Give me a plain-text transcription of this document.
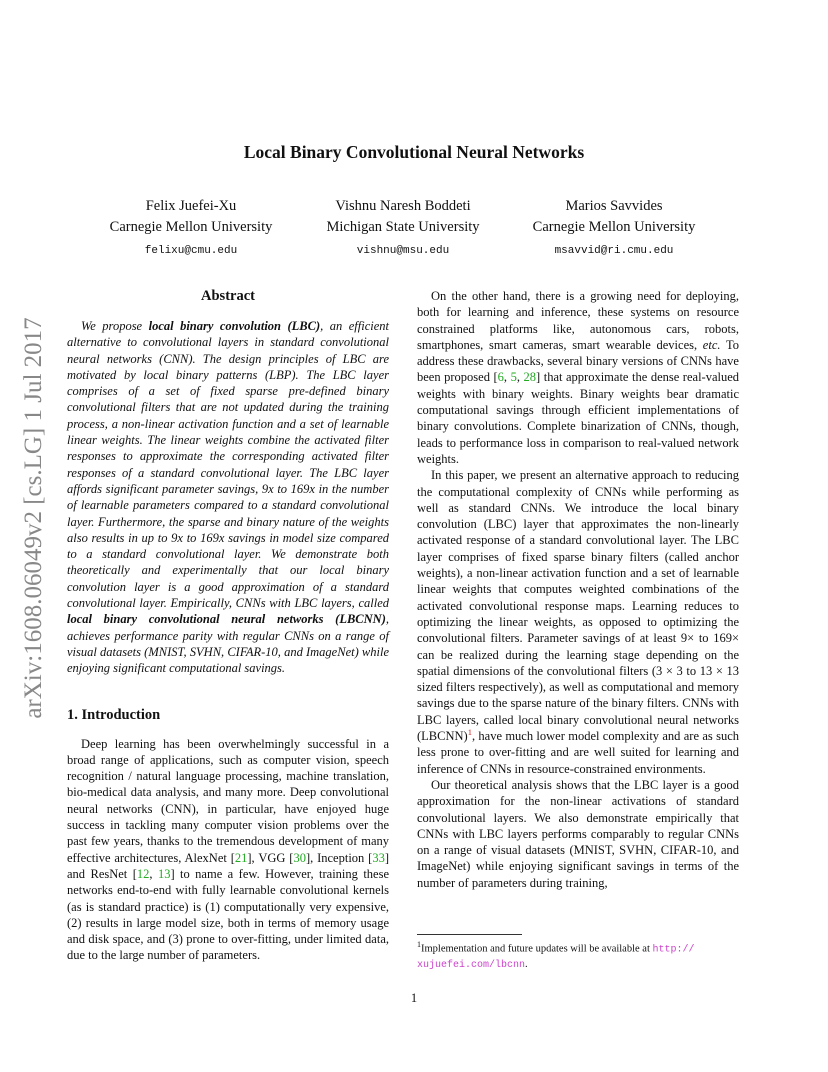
Local Binary Convolutional Neural Networks
Felix Juefei-Xu
Carnegie Mellon University
felixu@cmu.edu
Vishnu Naresh Boddeti
Michigan State University
vishnu@msu.edu
Marios Savvides
Carnegie Mellon University
msavvid@ri.cmu.edu
arXiv:1608.06049v2 [cs.LG] 1 Jul 2017
Abstract

We propose local binary convolution (LBC), an efficient alternative to convolutional layers in standard convolutional neural networks (CNN). The design principles of LBC are motivated by local binary patterns (LBP). The LBC layer comprises of a set of fixed sparse pre-defined binary convolutional filters that are not updated during the training process, a non-linear activation function and a set of learnable linear weights. The linear weights combine the activated filter responses to approximate the corresponding activated filter responses of a standard convolutional layer. The LBC layer affords significant parameter savings, 9x to 169x in the number of learnable parameters compared to a standard convolutional layer. Furthermore, the sparse and binary nature of the weights also results in up to 9x to 169x savings in model size compared to a standard convolutional layer. We demonstrate both theoretically and experimentally that our local binary convolution layer is a good approximation of a standard convolutional layer. Empirically, CNNs with LBC layers, called local binary convolutional neural networks (LBCNN), achieves performance parity with regular CNNs on a range of visual datasets (MNIST, SVHN, CIFAR-10, and ImageNet) while enjoying significant computational savings.

1. Introduction

Deep learning has been overwhelmingly successful in a broad range of applications, such as computer vision, speech recognition / natural language processing, machine translation, bio-medical data analysis, and many more. Deep convolutional neural networks (CNN), in particular, have enjoyed huge success in tackling many computer vision problems over the past few years, thanks to the tremendous development of many effective architectures, AlexNet [21], VGG [30], Inception [33] and ResNet [12, 13] to name a few. However, training these networks end-to-end with fully learnable convolutional kernels (as is standard practice) is (1) computationally very expensive, (2) results in large model size, both in terms of memory usage and disk space, and (3) prone to over-fitting, under limited data, due to the large number of parameters.

On the other hand, there is a growing need for deploying, both for learning and inference, these systems on resource constrained platforms like, autonomous cars, robots, smartphones, smart cameras, smart wearable devices, etc. To address these drawbacks, several binary versions of CNNs have been proposed [6, 5, 28] that approximate the dense real-valued weights with binary weights. Binary weights bear dramatic computational savings through efficient implementations of binary convolutions. Complete binarization of CNNs, though, leads to performance loss in comparison to real-valued network weights.

In this paper, we present an alternative approach to reducing the computational complexity of CNNs while performing as well as standard CNNs. We introduce the local binary convolution (LBC) layer that approximates the non-linearly activated response of a standard convolutional layer. The LBC layer comprises of fixed sparse binary filters (called anchor weights), a non-linear activation function and a set of learnable linear weights that computes weighted combinations of the activated convolutional response maps. Learning reduces to optimizing the linear weights, as opposed to optimizing the convolutional filters. Parameter savings of at least 9× to 169× can be realized during the learning stage depending on the spatial dimensions of the convolutional filters (3 × 3 to 13 × 13 sized filters respectively), as well as computational and memory savings due to the sparse nature of the binary filters. CNNs with LBC layers, called local binary convolutional neural networks (LBCNN)$^1$, have much lower model complexity and are as such less prone to over-fitting and are well suited for learning and inference of CNNs in resource-constrained environments.

Our theoretical analysis shows that the LBC layer is a good approximation for the non-linear activations of standard convolutional layers. We also demonstrate empirically that CNNs with LBC layers performs comparably to regular CNNs on a range of visual datasets (MNIST, SVHN, CIFAR-10, and ImageNet) while enjoying significant savings in terms of the number of parameters during training,

$^1$Implementation and future updates will be available at http://
xujuefei.com/lbcnn.
1
